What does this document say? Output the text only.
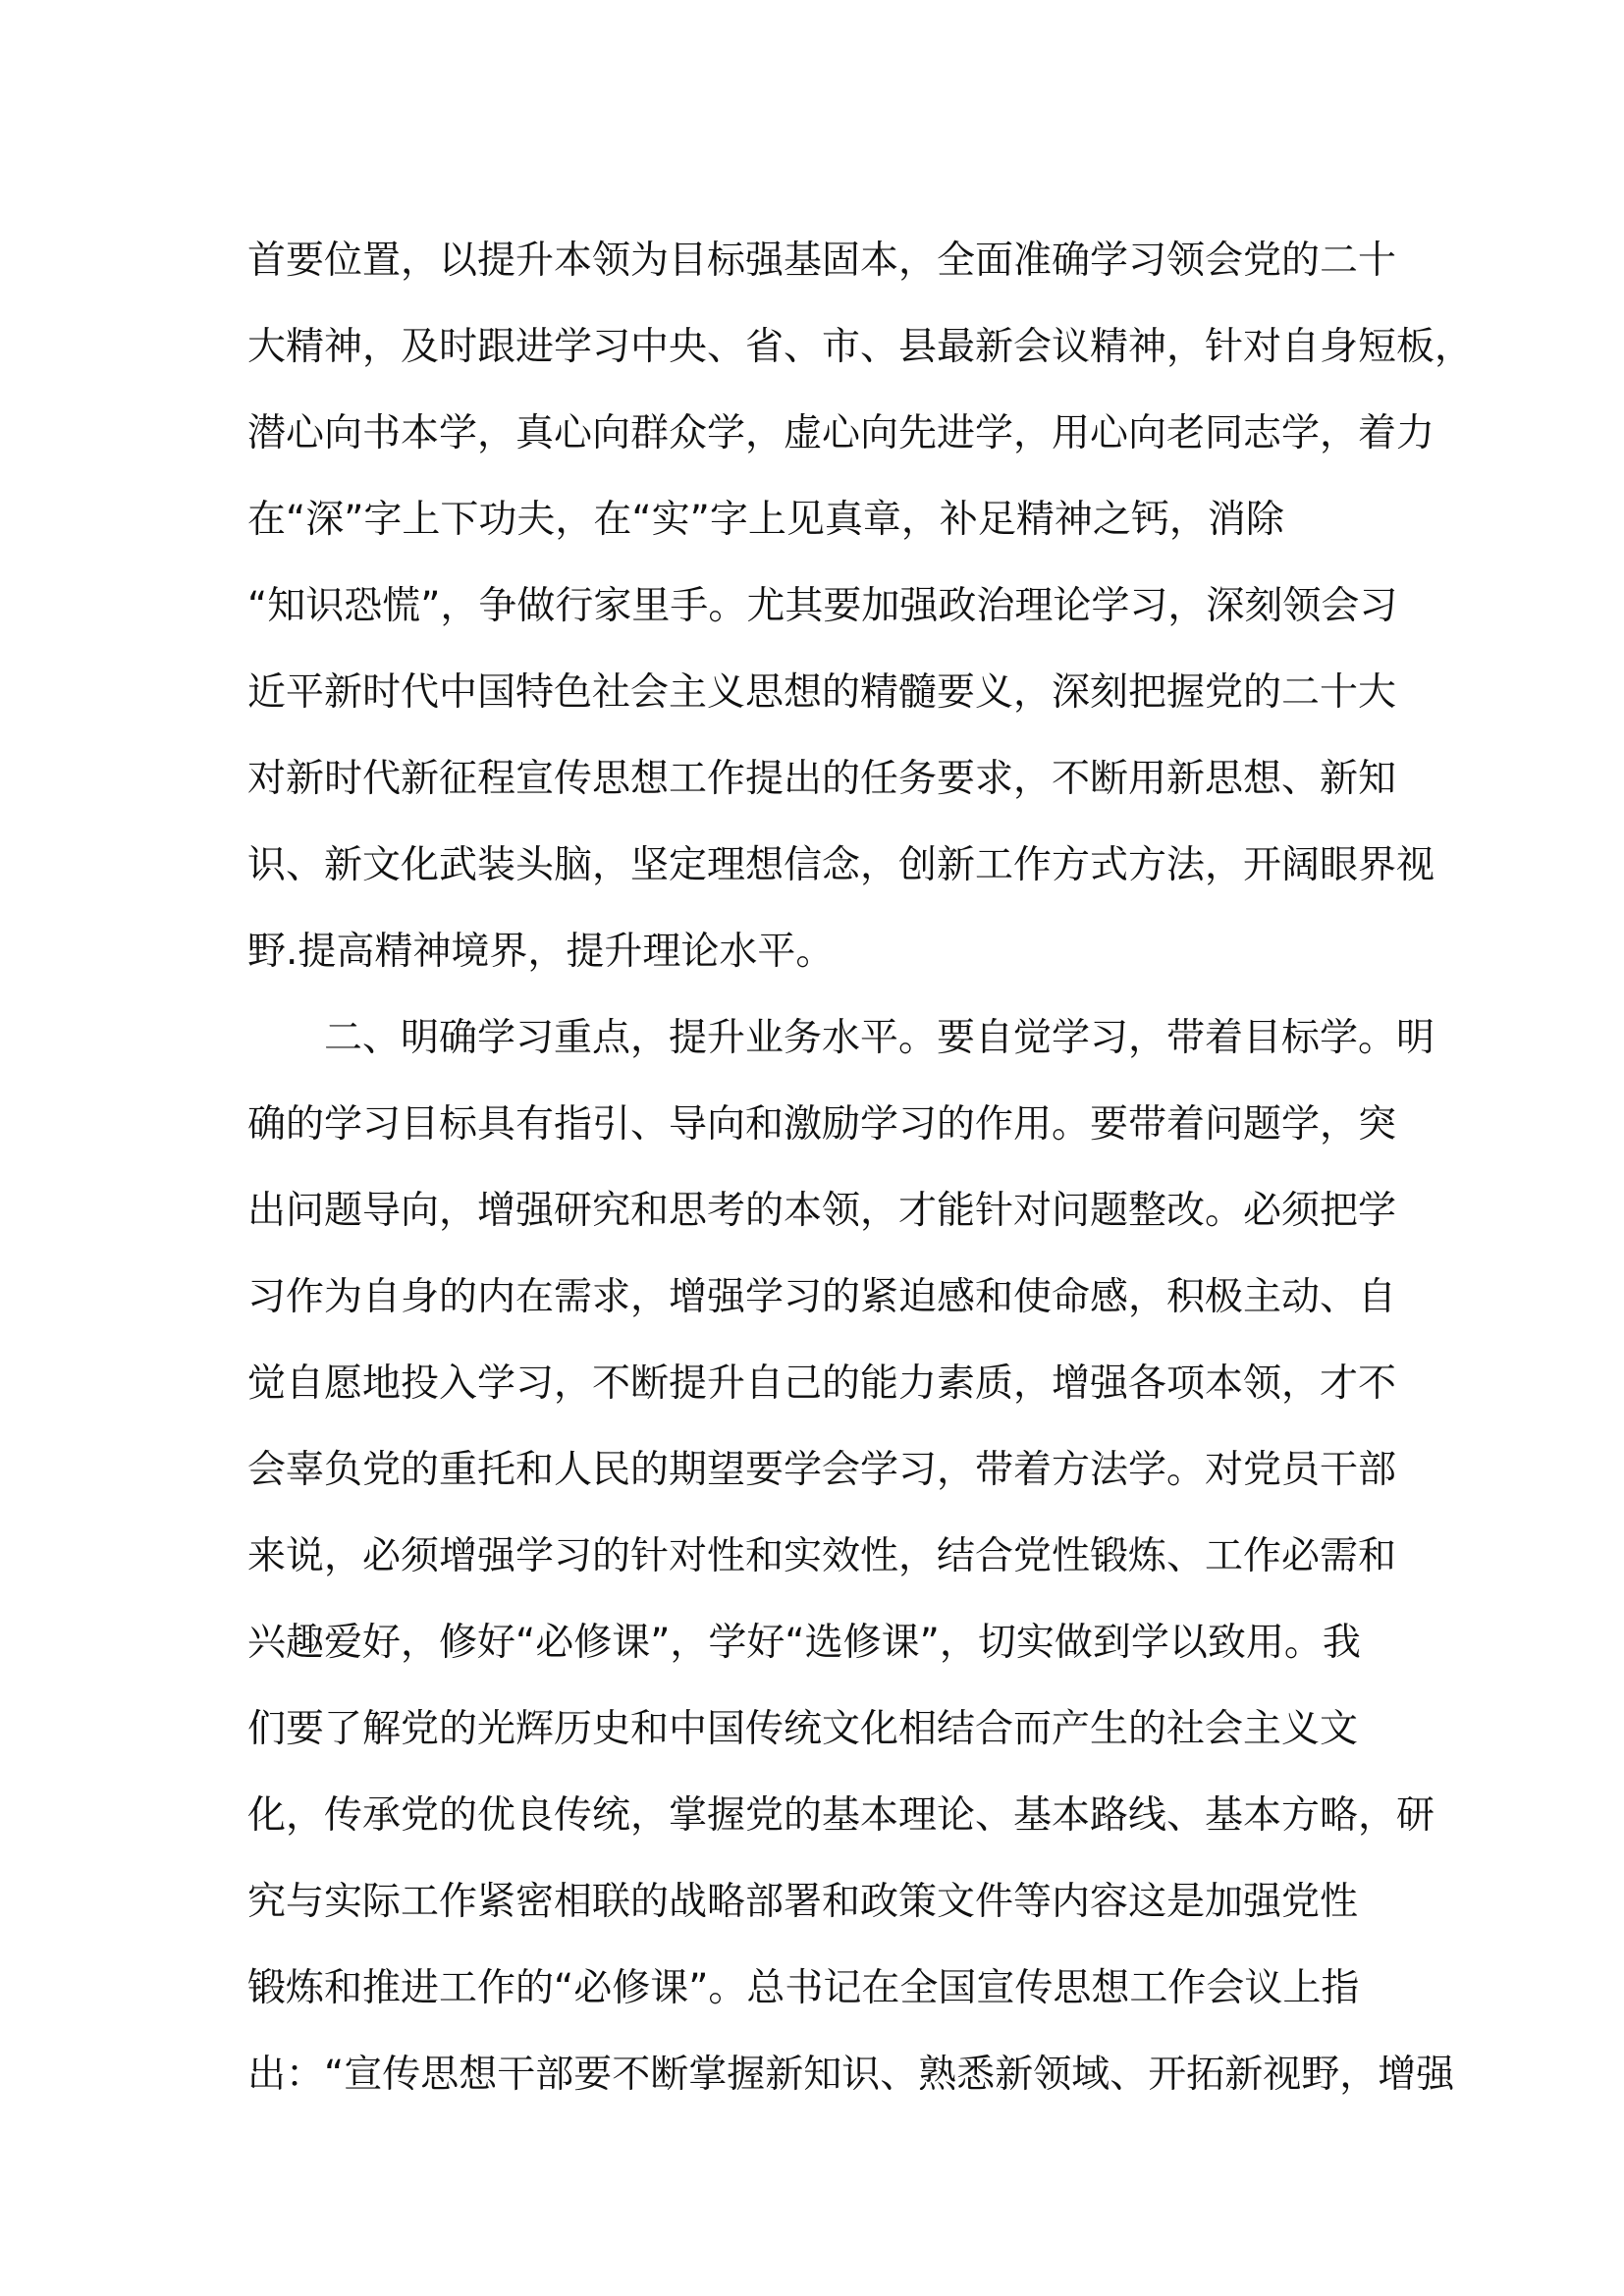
首要位置，以提升本领为目标强基固本，全面准确学习领会党的二十

大精神，及时跟进学习中央、省、市、县最新会议精神，针对自身短板，

潜心向书本学，真心向群众学，虚心向先进学，用心向老同志学，着力

在“深”字上下功夫，在“实”字上见真章，补足精神之钙，消除

“知识恐慌”，争做行家里手。尤其要加强政治理论学习，深刻领会习

近平新时代中国特色社会主义思想的精髓要义，深刻把握党的二十大

对新时代新征程宣传思想工作提出的任务要求，不断用新思想、新知

识、新文化武装头脑，坚定理想信念，创新工作方式方法，开阔眼界视

野.提高精神境界，提升理论水平。

二、明确学习重点，提升业务水平。要自觉学习，带着目标学。明

确的学习目标具有指引、导向和激励学习的作用。要带着问题学，突

出问题导向，增强研究和思考的本领，才能针对问题整改。必须把学

习作为自身的内在需求，增强学习的紧迫感和使命感，积极主动、自

觉自愿地投入学习，不断提升自己的能力素质，增强各项本领，才不

会辜负党的重托和人民的期望要学会学习，带着方法学。对党员干部

来说，必须增强学习的针对性和实效性，结合党性锻炼、工作必需和

兴趣爱好，修好“必修课”，学好“选修课”，切实做到学以致用。我

们要了解党的光辉历史和中国传统文化相结合而产生的社会主义文

化，传承党的优良传统，掌握党的基本理论、基本路线、基本方略，研

究与实际工作紧密相联的战略部署和政策文件等内容这是加强党性

锻炼和推进工作的“必修课”。总书记在全国宣传思想工作会议上指

出：“宣传思想干部要不断掌握新知识、熟悉新领域、开拓新视野，增强
